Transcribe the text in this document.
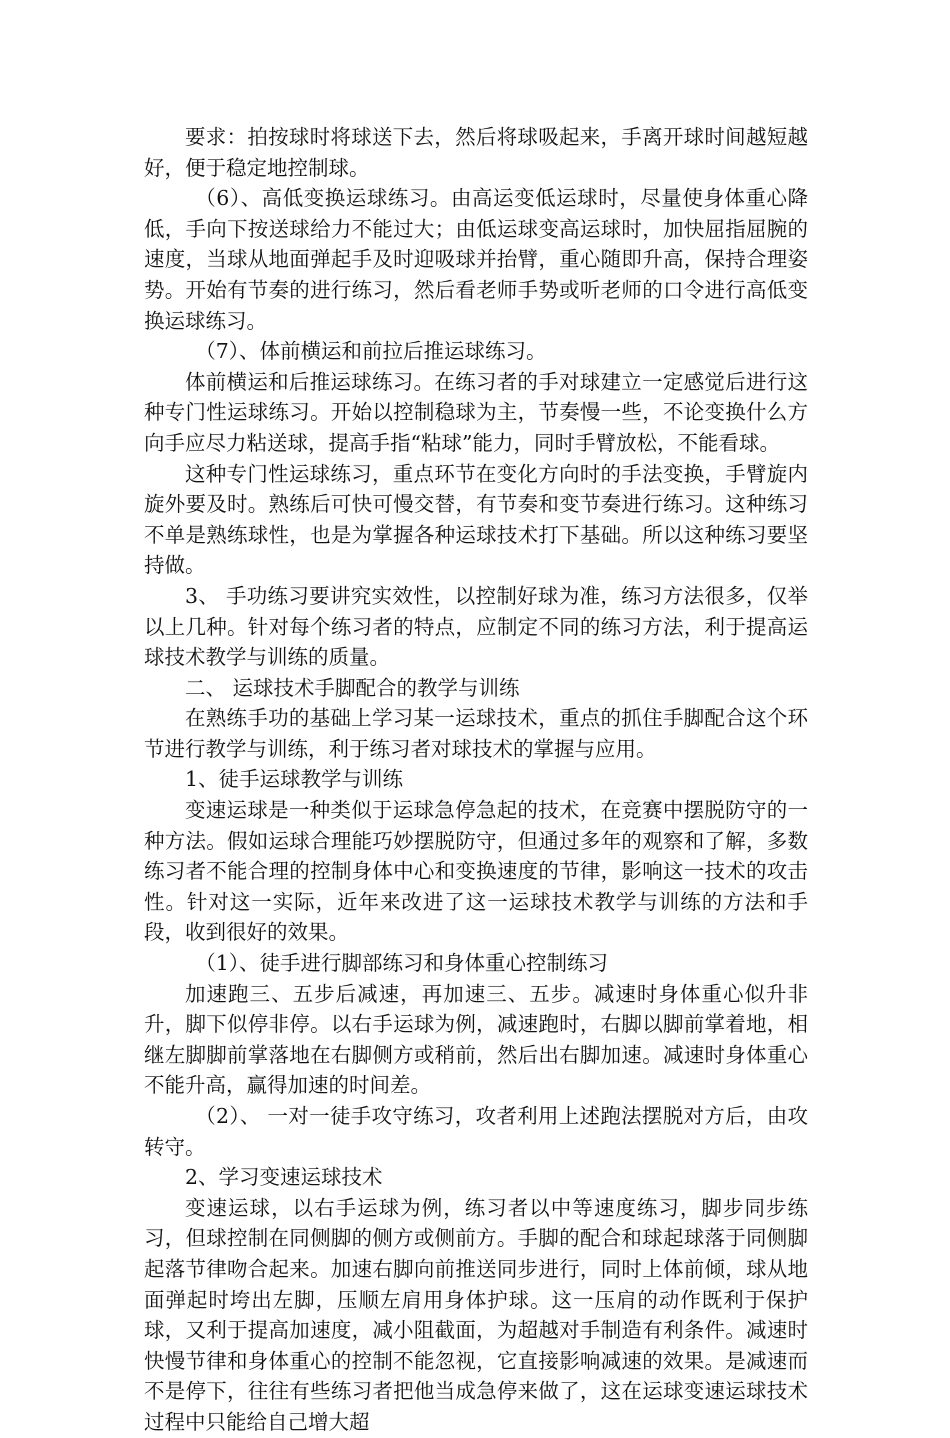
要求：拍按球时将球送下去，然后将球吸起来，手离开球时间越短越好，便于稳定地控制球。

（6）、高低变换运球练习。由高运变低运球时，尽量使身体重心降低，手向下按送球给力不能过大；由低运球变高运球时，加快屈指屈腕的速度，当球从地面弹起手及时迎吸球并抬臂，重心随即升高，保持合理姿势。开始有节奏的进行练习，然后看老师手势或听老师的口令进行高低变换运球练习。

（7）、体前横运和前拉后推运球练习。

体前横运和后推运球练习。在练习者的手对球建立一定感觉后进行这种专门性运球练习。开始以控制稳球为主，节奏慢一些，不论变换什么方向手应尽力粘送球，提高手指“粘球”能力，同时手臂放松，不能看球。

这种专门性运球练习，重点环节在变化方向时的手法变换，手臂旋内旋外要及时。熟练后可快可慢交替，有节奏和变节奏进行练习。这种练习不单是熟练球性，也是为掌握各种运球技术打下基础。所以这种练习要坚持做。

3、 手功练习要讲究实效性，以控制好球为准，练习方法很多，仅举以上几种。针对每个练习者的特点，应制定不同的练习方法，利于提高运球技术教学与训练的质量。

二、 运球技术手脚配合的教学与训练

在熟练手功的基础上学习某一运球技术，重点的抓住手脚配合这个环节进行教学与训练，利于练习者对球技术的掌握与应用。

1、徒手运球教学与训练

变速运球是一种类似于运球急停急起的技术，在竞赛中摆脱防守的一种方法。假如运球合理能巧妙摆脱防守，但通过多年的观察和了解，多数练习者不能合理的控制身体中心和变换速度的节律，影响这一技术的攻击性。针对这一实际，近年来改进了这一运球技术教学与训练的方法和手段，收到很好的效果。

（1）、徒手进行脚部练习和身体重心控制练习

加速跑三、五步后减速，再加速三、五步。减速时身体重心似升非升，脚下似停非停。以右手运球为例，减速跑时，右脚以脚前掌着地，相继左脚脚前掌落地在右脚侧方或稍前，然后出右脚加速。减速时身体重心不能升高，赢得加速的时间差。

（2）、 一对一徒手攻守练习，攻者利用上述跑法摆脱对方后，由攻转守。

2、学习变速运球技术

变速运球，以右手运球为例，练习者以中等速度练习，脚步同步练习，但球控制在同侧脚的侧方或侧前方。手脚的配合和球起球落于同侧脚起落节律吻合起来。加速右脚向前推送同步进行，同时上体前倾，球从地面弹起时垮出左脚，压顺左肩用身体护球。这一压肩的动作既利于保护球，又利于提高加速度，减小阻截面，为超越对手制造有利条件。减速时快慢节律和身体重心的控制不能忽视，它直接影响减速的效果。是减速而不是停下，往往有些练习者把他当成急停来做了，这在运球变速运球技术过程中只能给自己增大超
